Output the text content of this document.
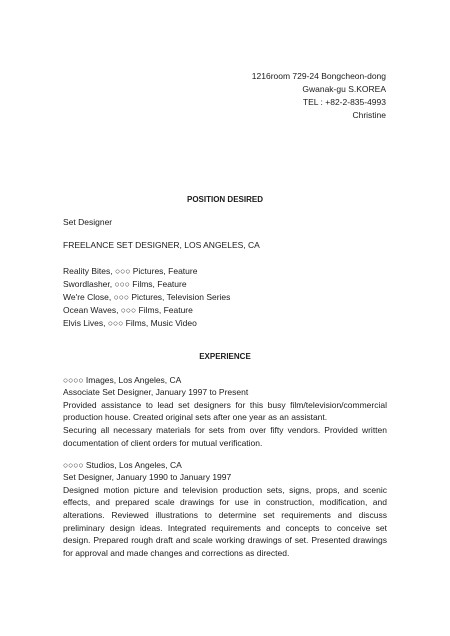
1216room 729-24 Bongcheon-dong
Gwanak-gu S.KOREA
TEL : +82-2-835-4993
Christine
POSITION DESIRED
Set Designer
FREELANCE SET DESIGNER, LOS ANGELES, CA
Reality Bites, ○○○ Pictures, Feature
Swordlasher, ○○○ Films, Feature
We're Close, ○○○ Pictures, Television Series
Ocean Waves, ○○○ Films, Feature
Elvis Lives, ○○○ Films, Music Video
EXPERIENCE
○○○○ Images, Los Angeles, CA
Associate Set Designer, January 1997 to Present
Provided assistance to lead set designers for this busy film/television/commercial
production house. Created original sets after one year as an assistant.
Securing all necessary materials for sets from over fifty vendors. Provided written
documentation of client orders for mutual verification.
○○○○ Studios, Los Angeles, CA
Set Designer, January 1990 to January 1997
Designed motion picture and television production sets, signs, props, and scenic
effects, and prepared scale drawings for use in construction, modification, and
alterations. Reviewed illustrations to determine set requirements and discuss
preliminary design ideas. Integrated requirements and concepts to conceive set
design. Prepared rough draft and scale working drawings of set. Presented drawings
for approval and made changes and corrections as directed.
